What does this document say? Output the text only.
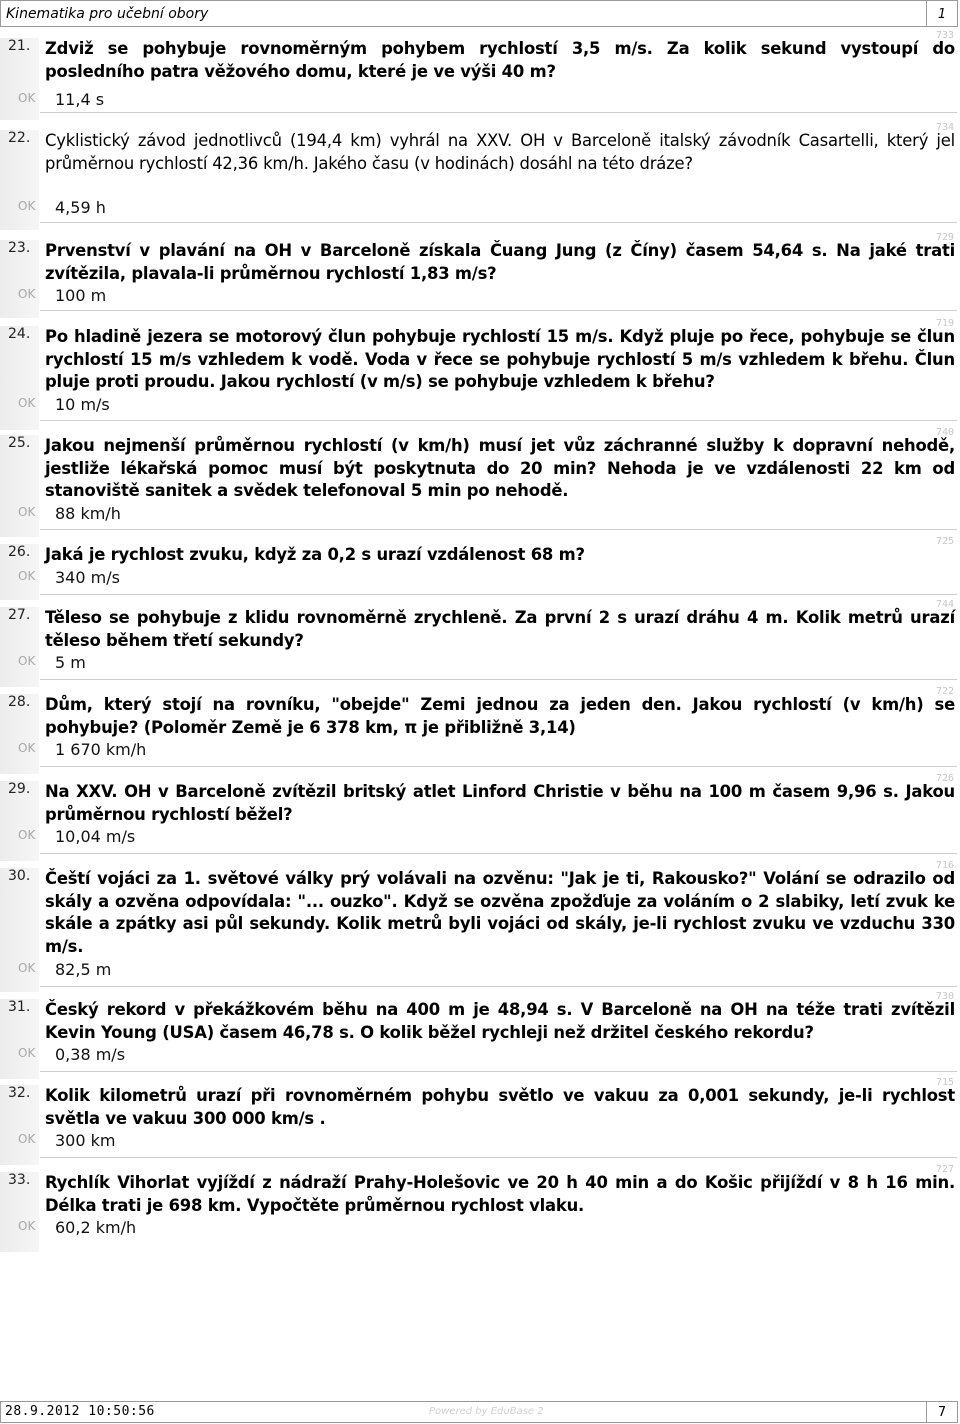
Kinematika pro učební obory	1
21.
733
Zdviž se pohybuje rovnoměrným pohybem rychlostí 3,5 m/s. Za kolik sekund vystoupí do posledního patra věžového domu, které je ve výši 40 m?
OK 11,4 s
22.
734
Cyklistický závod jednotlivců (194,4 km) vyhrál na XXV. OH v Barceloně italský závodník Casartelli, který jel průměrnou rychlostí 42,36 km/h. Jakého času (v hodinách) dosáhl na této dráze?
OK 4,59 h
23.
729
Prvenství v plavání na OH v Barceloně získala Čuang Jung (z Číny) časem 54,64 s. Na jaké trati zvítězila, plavala-li průměrnou rychlostí 1,83 m/s?
OK 100 m
24.
719
Po hladině jezera se motorový člun pohybuje rychlostí 15 m/s. Když pluje po řece, pohybuje se člun rychlostí 15 m/s vzhledem k vodě. Voda v řece se pohybuje rychlostí 5 m/s vzhledem k břehu. Člun pluje proti proudu. Jakou rychlostí (v m/s) se pohybuje vzhledem k břehu?
OK 10 m/s
25.
740
Jakou nejmenší průměrnou rychlostí (v km/h) musí jet vůz záchranné služby k dopravní nehodě, jestliže lékařská pomoc musí být poskytnuta do 20 min? Nehoda je ve vzdálenosti 22 km od stanoviště sanitek a svědek telefonoval 5 min po nehodě.
OK 88 km/h
26.
725
Jaká je rychlost zvuku, když za 0,2 s urazí vzdálenost 68 m?
OK 340 m/s
27.
744
Těleso se pohybuje z klidu rovnoměrně zrychleně. Za první 2 s urazí dráhu 4 m. Kolik metrů urazí těleso během třetí sekundy?
OK 5 m
28.
722
Dům, který stojí na rovníku, "obejde" Zemi jednou za jeden den. Jakou rychlostí (v km/h) se pohybuje? (Poloměr Země je 6 378 km, π je přibližně 3,14)
OK 1 670 km/h
29.
726
Na XXV. OH v Barceloně zvítězil britský atlet Linford Christie v běhu na 100 m časem 9,96 s. Jakou průměrnou rychlostí běžel?
OK 10,04 m/s
30.
716
Čeští vojáci za 1. světové války prý volávali na ozvěnu: "Jak je ti, Rakousko?" Volání se odrazilo od skály a ozvěna odpovídala: "... ouzko". Když se ozvěna zpožďuje za voláním o 2 slabiky, letí zvuk ke skále a zpátky asi půl sekundy. Kolik metrů byli vojáci od skály, je-li rychlost zvuku ve vzduchu 330 m/s.
OK 82,5 m
31.
730
Český rekord v překážkovém běhu na 400 m je 48,94 s. V Barceloně na OH na téže trati zvítězil Kevin Young (USA) časem 46,78 s. O kolik běžel rychleji než držitel českého rekordu?
OK 0,38 m/s
32.
715
Kolik kilometrů urazí při rovnoměrném pohybu světlo ve vakuu za 0,001 sekundy, je-li rychlost světla ve vakuu 300 000 km/s .
OK 300 km
33.
727
Rychlík Vihorlat vyjíždí z nádraží Prahy-Holešovic ve 20 h 40 min a do Košic přijíždí v 8 h 16 min. Délka trati je 698 km. Vypočtěte průměrnou rychlost vlaku.
OK 60,2 km/h
28.9.2012 10:50:56	Powered by EduBase 2	7
